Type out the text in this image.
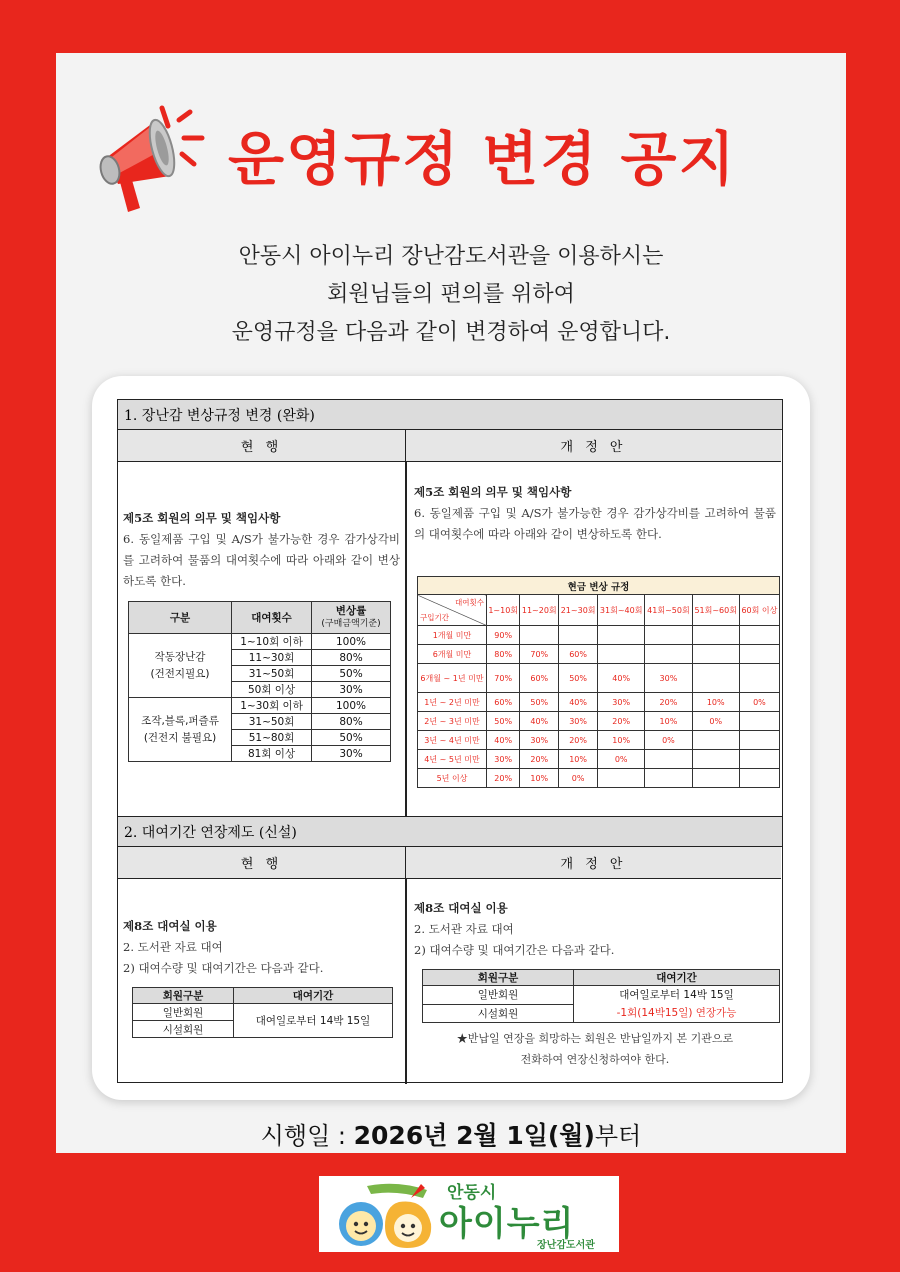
운영규정 변경 공지
안동시 아이누리 장난감도서관을 이용하시는
회원님들의 편의를 위하여
운영규정을 다음과 같이 변경하여 운영합니다.
1. 장난감 변상규정 변경 (완화)
현 행	개 정 안
제5조 회원의 의무 및 책임사항
6. 동일제품 구입 및 A/S가 불가능한 경우 감가상각비를 고려하여 물품의 대여횟수에 따라 아래와 같이 변상하도록 한다.
구분	대여횟수	변상률
(구매금액기준)

작동장난감
(건전지필요)	1~10회 이하	100%
	11~30회	80%
	31~50회	50%
	50회 이상	30%

조작,블록,퍼즐류
(건전지 불필요)	1~30회 이하	100%
	31~50회	80%
	51~80회	50%
	81회 이상	30%
제5조 회원의 의무 및 책임사항
6. 동일제품 구입 및 A/S가 불가능한 경우 감가상각비를 고려하여 물품의 대여횟수에 따라 아래와 같이 변상하도록 한다.
현금 변상 규정							

대여횟수
구입기간	1~10회	11~20회	21~30회	31회~40회	41회~50회	51회~60회	60회 이상
1개월 미만	90%						
6개월 미만	80%	70%	60%				
6개월 ~ 1년 미만	70%	60%	50%	40%	30%		
1년 ~ 2년 미만	60%	50%	40%	30%	20%	10%	0%
2년 ~ 3년 미만	50%	40%	30%	20%	10%	0%	
3년 ~ 4년 미만	40%	30%	20%	10%	0%		
4년 ~ 5년 미만	30%	20%	10%	0%			
5년 이상	20%	10%	0%				
2. 대여기간 연장제도 (신설)
현 행	개 정 안
제8조 대여실 이용
2. 도서관 자료 대여
2) 대여수량 및 대여기간은 다음과 같다.
회원구분	대여기간
일반회원	대여일로부터 14박 15일
시설회원	
제8조 대여실 이용
2. 도서관 자료 대여
2) 대여수량 및 대여기간은 다음과 같다.
회원구분	대여기간
일반회원	대여일로부터 14박 15일
-1회(14박15일) 연장가능

시설회원	
★반납일 연장을 희망하는 회원은 반납일까지 본 기관으로
전화하여 연장신청하여야 한다.
시행일 : 2026년 2월 1일(월)부터
안동시
아이누리
장난감도서관
